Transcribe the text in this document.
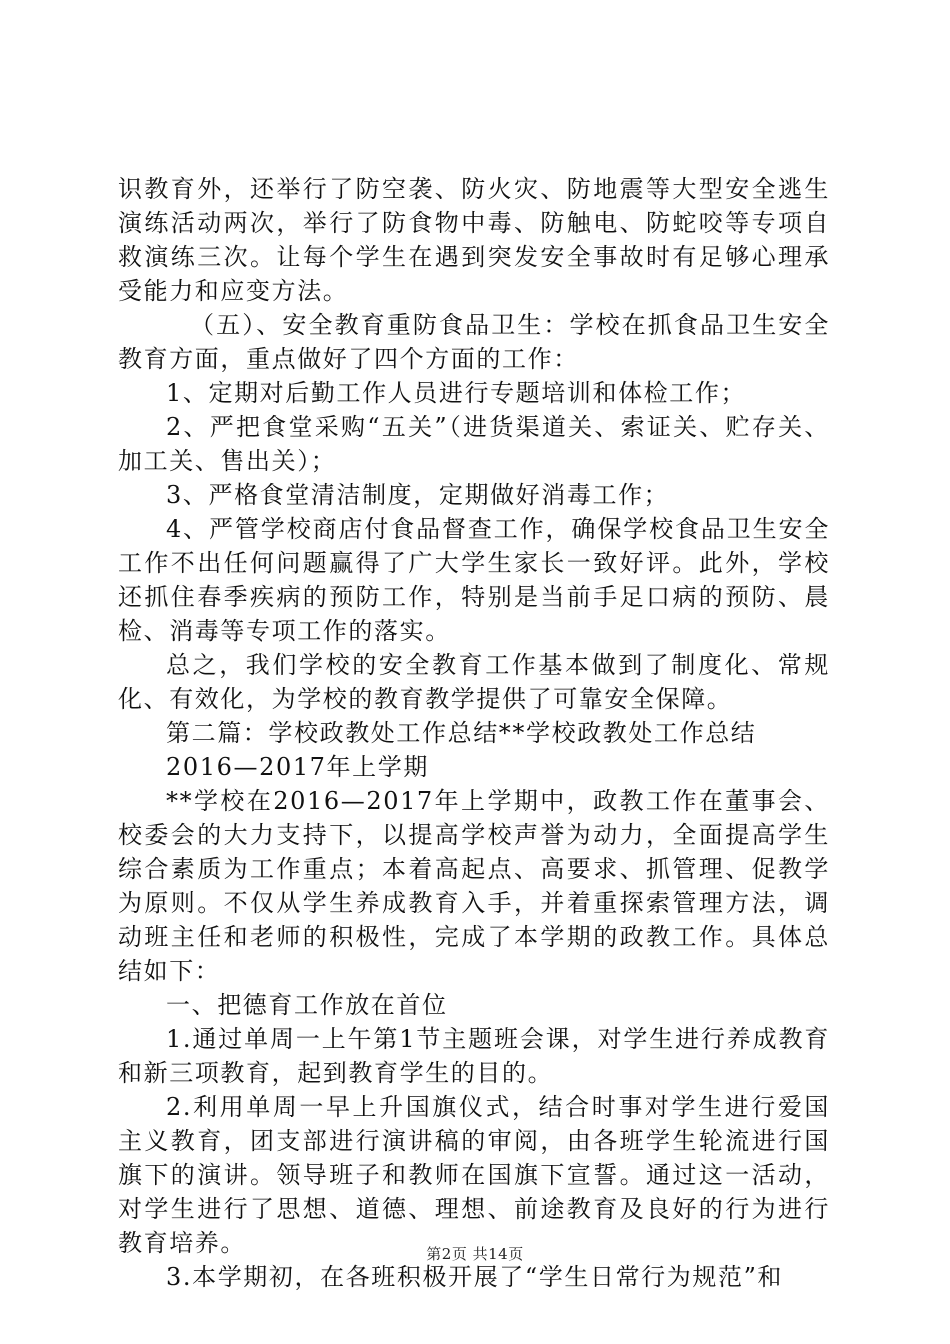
识教育外，还举行了防空袭、防火灾、防地震等大型安全逃生演练活动两次，举行了防食物中毒、防触电、防蛇咬等专项自救演练三次。让每个学生在遇到突发安全事故时有足够心理承受能力和应变方法。

（五）、安全教育重防食品卫生：学校在抓食品卫生安全教育方面，重点做好了四个方面的工作：

1、定期对后勤工作人员进行专题培训和体检工作；

2、严把食堂采购“五关”（进货渠道关、索证关、贮存关、加工关、售出关）；

3、严格食堂清洁制度，定期做好消毒工作；

4、严管学校商店付食品督查工作，确保学校食品卫生安全工作不出任何问题赢得了广大学生家长一致好评。此外，学校还抓住春季疾病的预防工作，特别是当前手足口病的预防、晨检、消毒等专项工作的落实。

总之，我们学校的安全教育工作基本做到了制度化、常规化、有效化，为学校的教育教学提供了可靠安全保障。

第二篇：学校政教处工作总结**学校政教处工作总结

2016—2017年上学期

**学校在2016—2017年上学期中，政教工作在董事会、校委会的大力支持下，以提高学校声誉为动力，全面提高学生综合素质为工作重点；本着高起点、高要求、抓管理、促教学为原则。不仅从学生养成教育入手，并着重探索管理方法，调动班主任和老师的积极性，完成了本学期的政教工作。具体总结如下：

一、把德育工作放在首位

1.通过单周一上午第1节主题班会课，对学生进行养成教育和新三项教育，起到教育学生的目的。

2.利用单周一早上升国旗仪式，结合时事对学生进行爱国主义教育，团支部进行演讲稿的审阅，由各班学生轮流进行国旗下的演讲。领导班子和教师在国旗下宣誓。通过这一活动，对学生进行了思想、道德、理想、前途教育及良好的行为进行教育培养。

3.本学期初，在各班积极开展了“学生日常行为规范”和

第2页 共14页
